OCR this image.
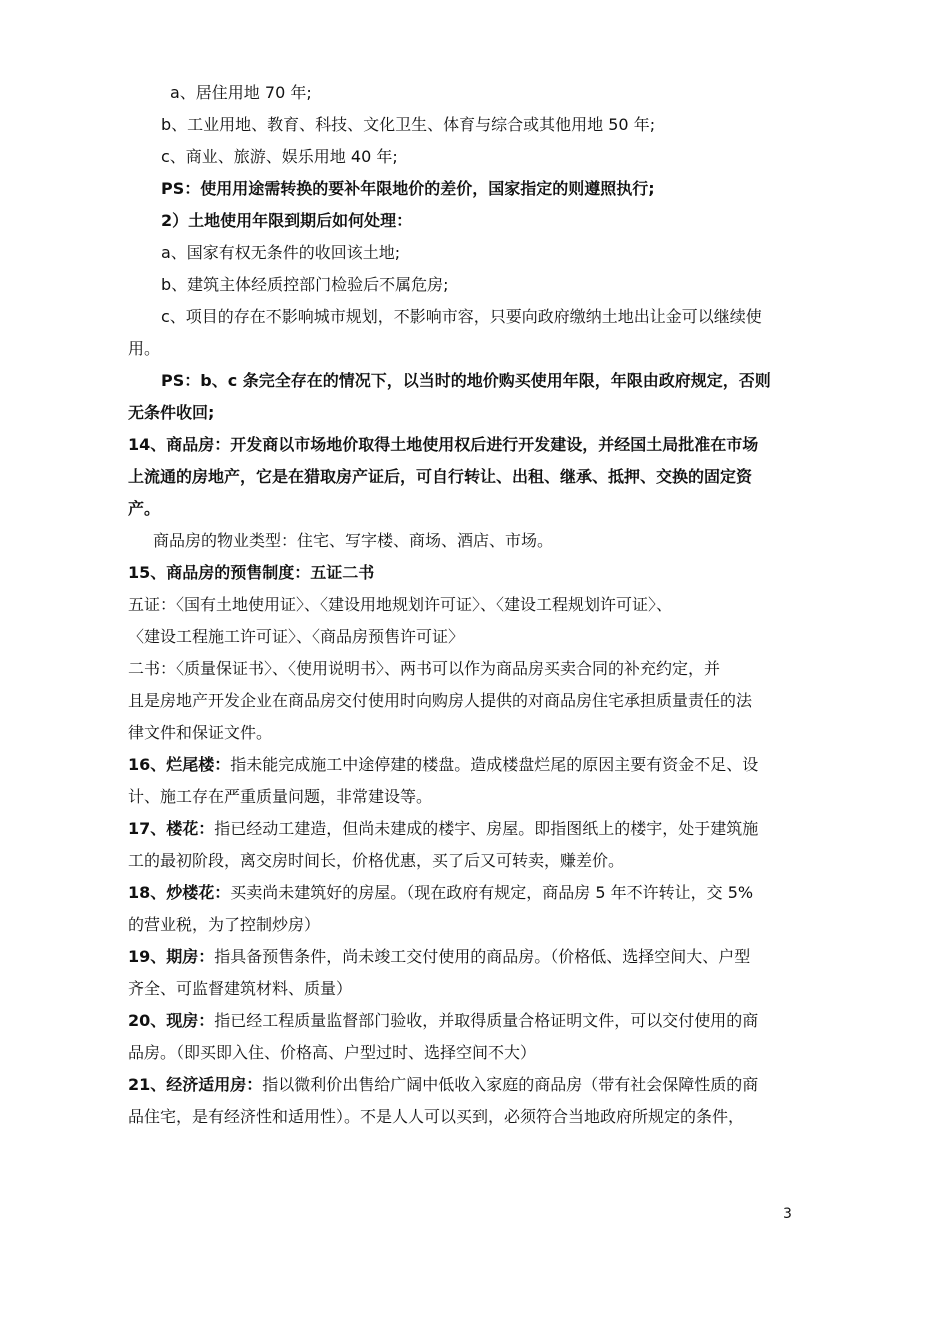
a、居住用地 70 年;
b、工业用地、教育、科技、文化卫生、体育与综合或其他用地 50 年;
c、商业、旅游、娱乐用地 40 年;
PS：使用用途需转换的要补年限地价的差价，国家指定的则遵照执行;
2）土地使用年限到期后如何处理：
a、国家有权无条件的收回该土地;
b、建筑主体经质控部门检验后不属危房;
c、项目的存在不影响城市规划，不影响市容，只要向政府缴纳土地出让金可以继续使
用。
PS：b、c 条完全存在的情况下，以当时的地价购买使用年限，年限由政府规定，否则
无条件收回;
14、商品房：开发商以市场地价取得土地使用权后进行开发建设，并经国土局批准在市场
上流通的房地产，它是在猎取房产证后，可自行转让、出租、继承、抵押、交换的固定资
产。
商品房的物业类型：住宅、写字楼、商场、酒店、市场。
15、商品房的预售制度：五证二书
五证：〈国有土地使用证〉、〈建设用地规划许可证〉、〈建设工程规划许可证〉、
〈建设工程施工许可证〉、〈商品房预售许可证〉
二书：〈质量保证书〉、〈使用说明书〉、两书可以作为商品房买卖合同的补充约定，并
且是房地产开发企业在商品房交付使用时向购房人提供的对商品房住宅承担质量责任的法
律文件和保证文件。
16、烂尾楼：指未能完成施工中途停建的楼盘。造成楼盘烂尾的原因主要有资金不足、设
计、施工存在严重质量问题，非常建设等。
17、楼花：指已经动工建造，但尚未建成的楼宇、房屋。即指图纸上的楼宇，处于建筑施
工的最初阶段，离交房时间长，价格优惠，买了后又可转卖，赚差价。
18、炒楼花：买卖尚未建筑好的房屋。（现在政府有规定，商品房 5 年不许转让，交 5%
的营业税，为了控制炒房）
19、期房：指具备预售条件，尚未竣工交付使用的商品房。（价格低、选择空间大、户型
齐全、可监督建筑材料、质量）
20、现房：指已经工程质量监督部门验收，并取得质量合格证明文件，可以交付使用的商
品房。（即买即入住、价格高、户型过时、选择空间不大）
21、经济适用房：指以微利价出售给广阔中低收入家庭的商品房（带有社会保障性质的商
品住宅，是有经济性和适用性）。不是人人可以买到，必须符合当地政府所规定的条件，
3
